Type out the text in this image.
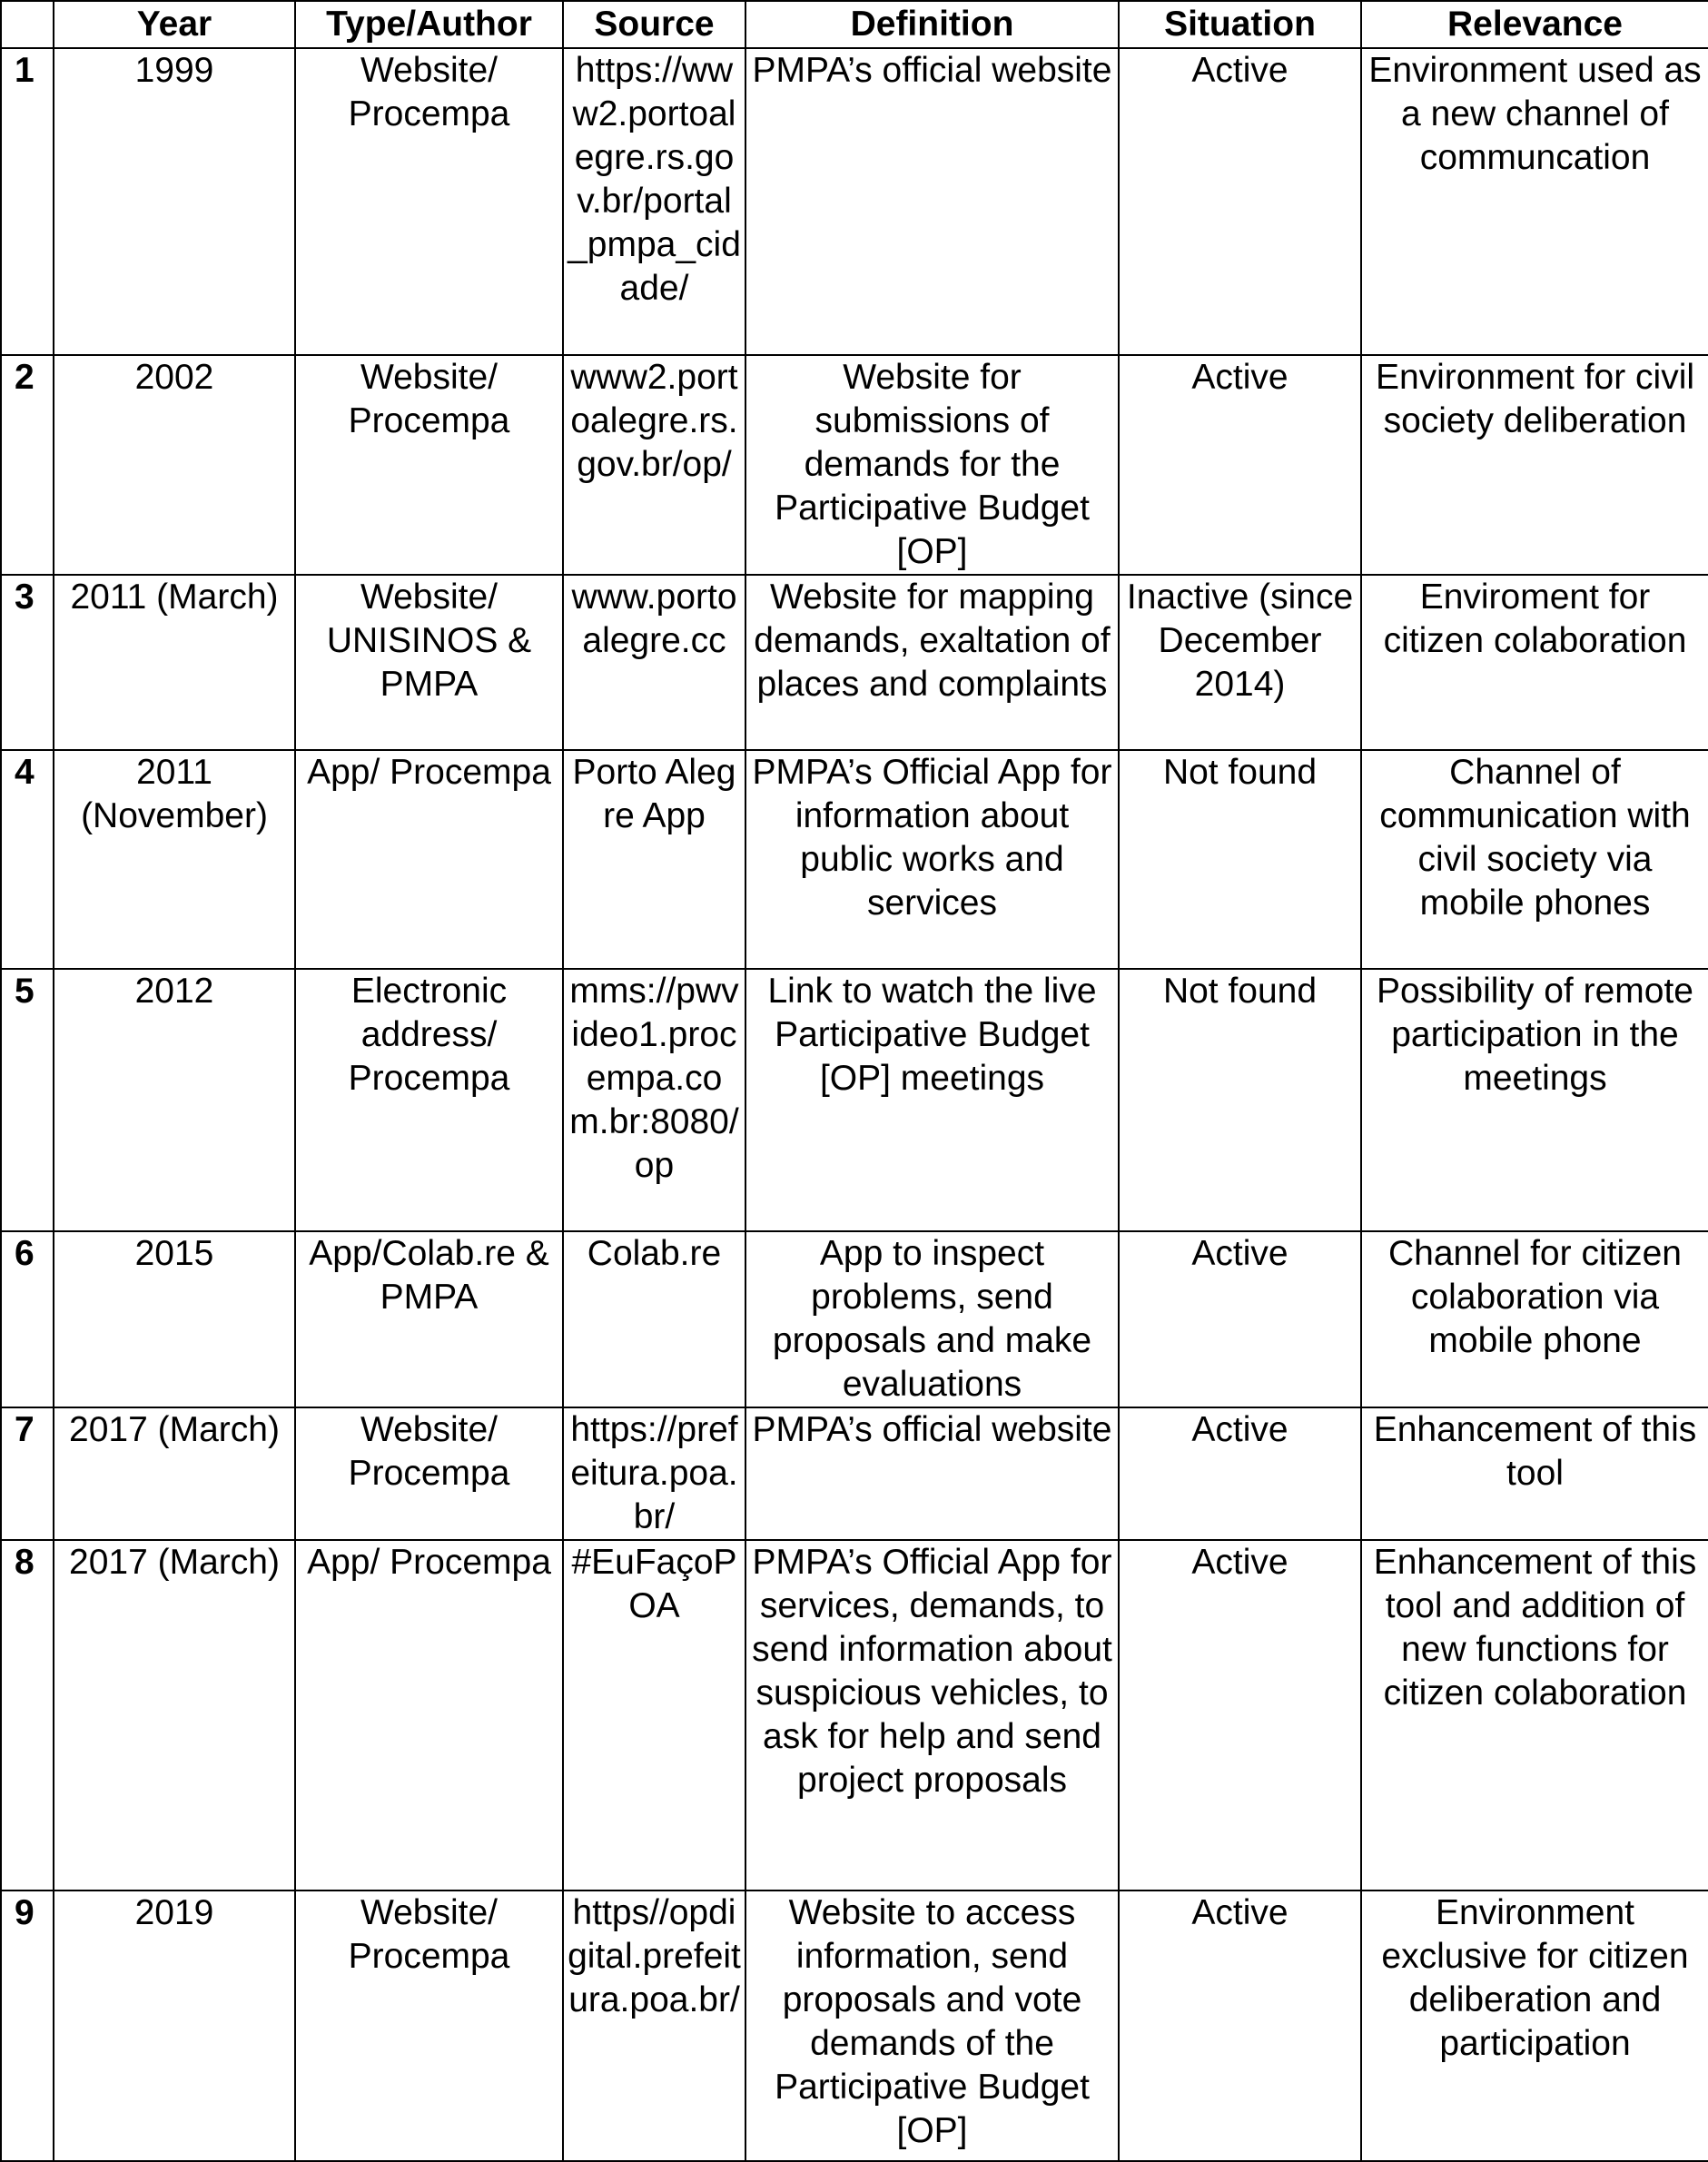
	Year	Type/Author	Source	Definition	Situation	Relevance
1	1999	Website/ Procempa	https://www2.portoalegre.rs.gov.br/portal_pmpa_cidade/	PMPA’s official website	Active	Environment used as a new channel of communcation
2	2002	Website/ Procempa	www2.portoalegre.rs.gov.br/op/	Website for submissions of demands for the Participative Budget [OP]	Active	Environment for civil society deliberation
3	2011 (March)	Website/ UNISINOS & PMPA	www.portoalegre.cc	Website for mapping demands, exaltation of places and complaints	Inactive (since December 2014)	Enviroment for citizen colaboration
4	2011 (November)	App/ Procempa	Porto Alegre App	PMPA’s Official App for information about public works and services	Not found	Channel of communication with civil society via mobile phones
5	2012	Electronic address/ Procempa	mms://pwvideo1.procempa.com.br:8080/op	Link to watch the live Participative Budget [OP] meetings	Not found	Possibility of remote participation in the meetings
6	2015	App/Colab.re & PMPA	Colab.re	App to inspect problems, send proposals and make evaluations	Active	Channel for citizen colaboration via mobile phone
7	2017 (March)	Website/ Procempa	https://prefeitura.poa.br/	PMPA’s official website	Active	Enhancement of this tool
8	2017 (March)	App/ Procempa	#EuFaçoPOA	PMPA’s Official App for services, demands, to send information about suspicious vehicles, to ask for help and send project proposals	Active	Enhancement of this tool and addition of new functions for citizen colaboration
9	2019	Website/ Procempa	https//opdigital.prefeitura.poa.br/	Website to access information, send proposals and vote demands of the Participative Budget [OP]	Active	Environment exclusive for citizen deliberation and participation
